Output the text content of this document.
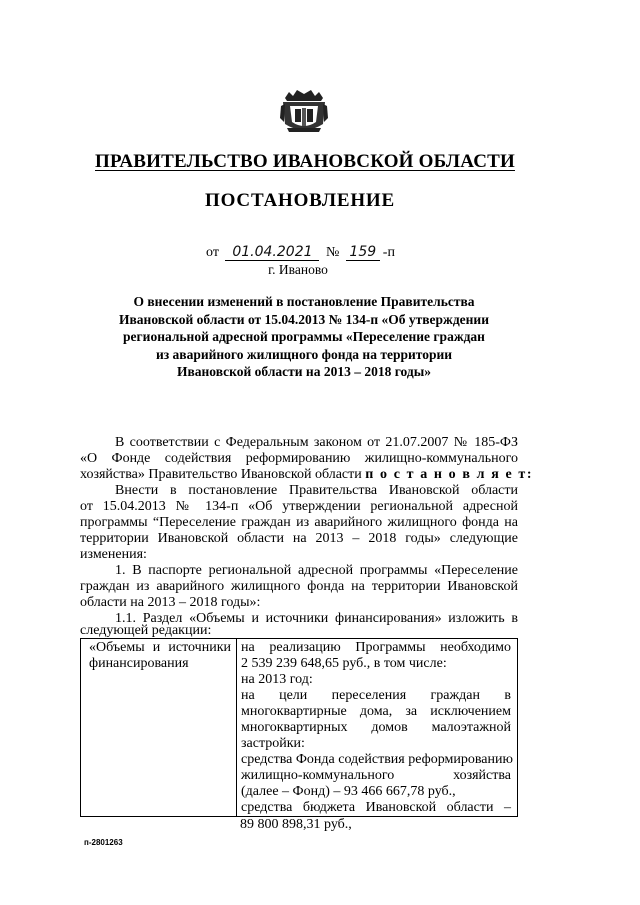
ПРАВИТЕЛЬСТВО ИВАНОВСКОЙ ОБЛАСТИ
ПОСТАНОВЛЕНИЕ
от 01.04.2021 № 159 -п
г. Иваново
О внесении изменений в постановление Правительства
Ивановской области от 15.04.2013 № 134-п «Об утверждении
региональной адресной программы «Переселение граждан
из аварийного жилищного фонда на территории
Ивановской области на 2013 – 2018 годы»
В соответствии с Федеральным законом от 21.07.2007 № 185-ФЗ
«О Фонде содействия реформированию жилищно-коммунального
хозяйства» Правительство Ивановской области п о с т а н о в л я е т:
Внести в постановление Правительства Ивановской области
от 15.04.2013 № 134-п «Об утверждении региональной адресной
программы “Переселение граждан из аварийного жилищного фонда на
территории Ивановской области на 2013 – 2018 годы» следующие
изменения:
1. В паспорте региональной адресной программы «Переселение
граждан из аварийного жилищного фонда на территории Ивановской
области на 2013 – 2018 годы»:
1.1. Раздел «Объемы и источники финансирования» изложить в
следующей редакции:
«Объемы и источники
финансирования
на реализацию Программы необходимо
2 539 239 648,65 руб., в том числе:
на 2013 год:
на цели переселения граждан в
многоквартирные дома, за исключением
многоквартирных домов малоэтажной
застройки:
средства Фонда содействия реформированию
жилищно-коммунального хозяйства
(далее – Фонд) – 93 466 667,78 руб.,
средства бюджета Ивановской области –
89 800 898,31 руб.,
п-2801263
